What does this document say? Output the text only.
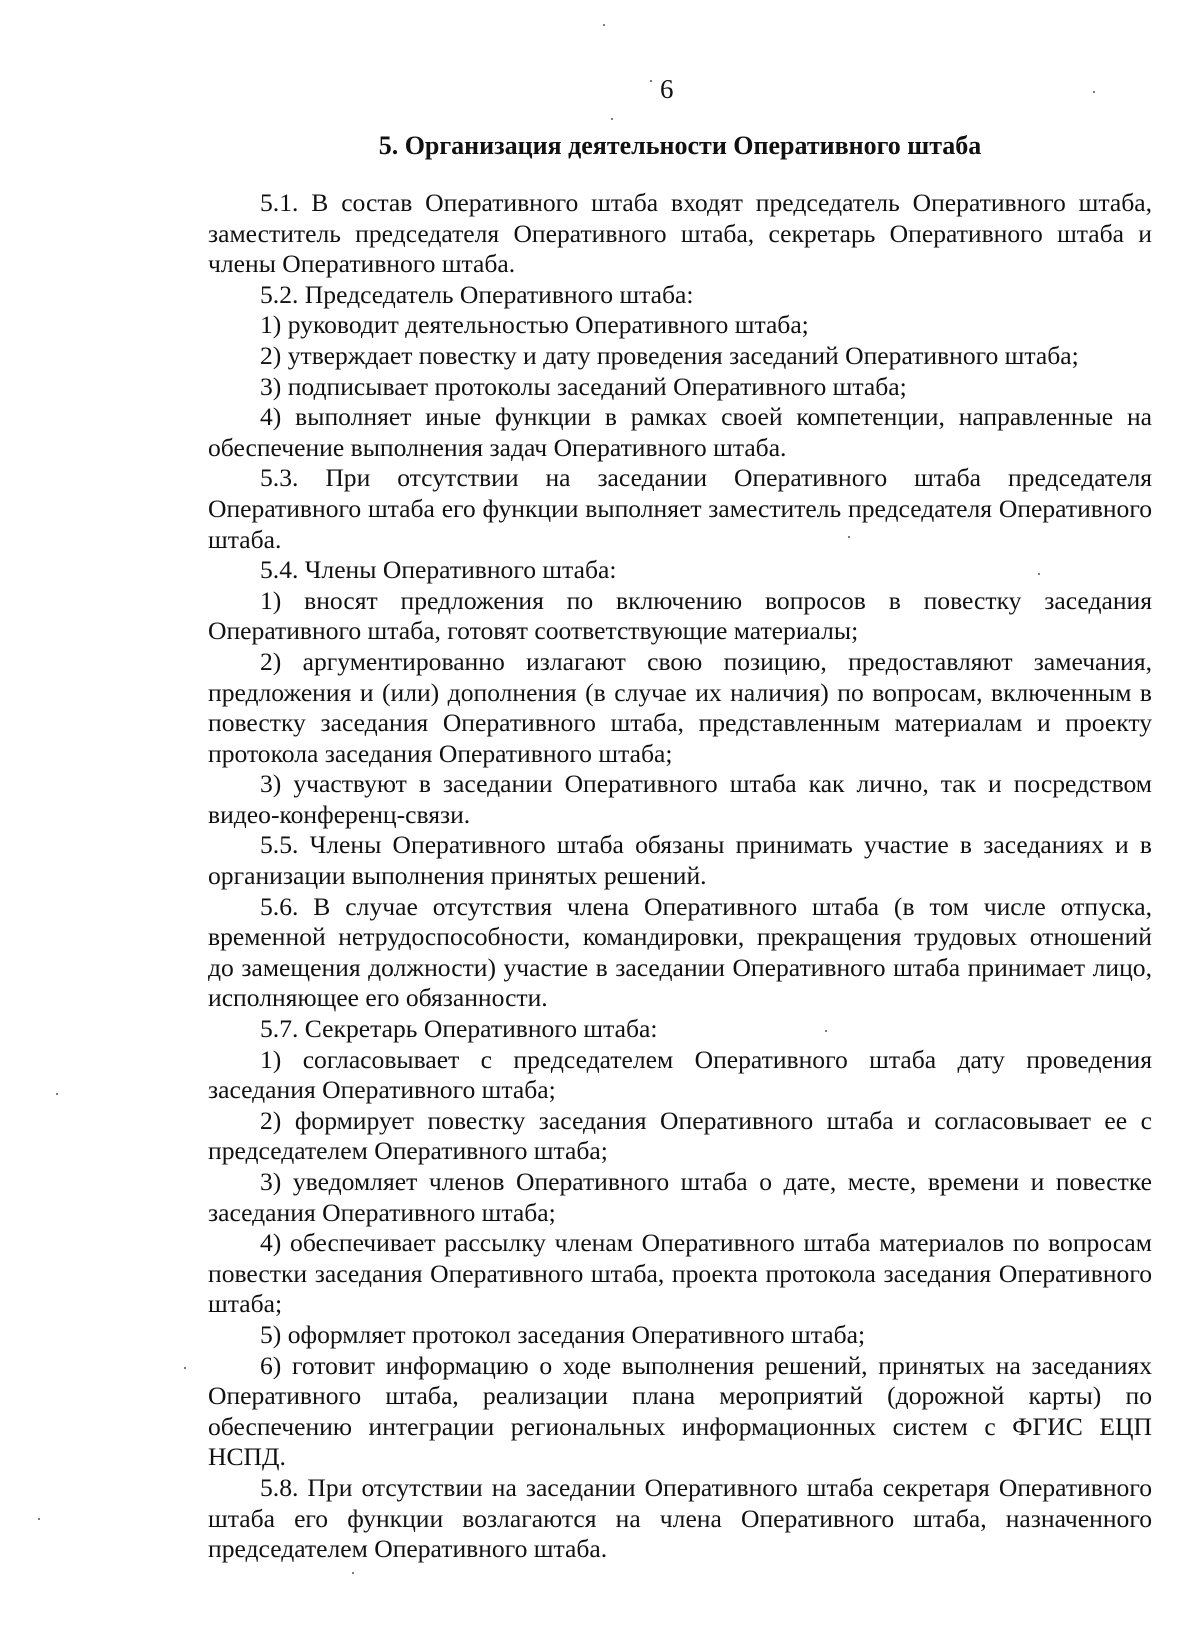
6
5. Организация деятельности Оперативного штаба

5.1. В состав Оперативного штаба входят председатель Оперативного штаба, заместитель председателя Оперативного штаба, секретарь Оперативного штаба и члены Оперативного штаба.

5.2. Председатель Оперативного штаба:

1) руководит деятельностью Оперативного штаба;

2) утверждает повестку и дату проведения заседаний Оперативного штаба;

3) подписывает протоколы заседаний Оперативного штаба;

4) выполняет иные функции в рамках своей компетенции, направленные на обеспечение выполнения задач Оперативного штаба.

5.3. При отсутствии на заседании Оперативного штаба председателя Оперативного штаба его функции выполняет заместитель председателя Оперативного штаба.

5.4. Члены Оперативного штаба:

1) вносят предложения по включению вопросов в повестку заседания Оперативного штаба, готовят соответствующие материалы;

2) аргументированно излагают свою позицию, предоставляют замечания, предложения и (или) дополнения (в случае их наличия) по вопросам, включенным в повестку заседания Оперативного штаба, представленным материалам и проекту протокола заседания Оперативного штаба;

3) участвуют в заседании Оперативного штаба как лично, так и посредством видео-конференц-связи.

5.5. Члены Оперативного штаба обязаны принимать участие в заседаниях и в организации выполнения принятых решений.

5.6. В случае отсутствия члена Оперативного штаба (в том числе отпуска, временной нетрудоспособности, командировки, прекращения трудовых отношений до замещения должности) участие в заседании Оперативного штаба принимает лицо, исполняющее его обязанности.

5.7. Секретарь Оперативного штаба:

1) согласовывает с председателем Оперативного штаба дату проведения заседания Оперативного штаба;

2) формирует повестку заседания Оперативного штаба и согласовывает ее с председателем Оперативного штаба;

3) уведомляет членов Оперативного штаба о дате, месте, времени и повестке заседания Оперативного штаба;

4) обеспечивает рассылку членам Оперативного штаба материалов по вопросам повестки заседания Оперативного штаба, проекта протокола заседания Оперативного штаба;

5) оформляет протокол заседания Оперативного штаба;

6) готовит информацию о ходе выполнения решений, принятых на заседаниях Оперативного штаба, реализации плана мероприятий (дорожной карты) по обеспечению интеграции региональных информационных систем с ФГИС ЕЦП НСПД.

5.8. При отсутствии на заседании Оперативного штаба секретаря Оперативного штаба его функции возлагаются на члена Оперативного штаба, назначенного председателем Оперативного штаба.
